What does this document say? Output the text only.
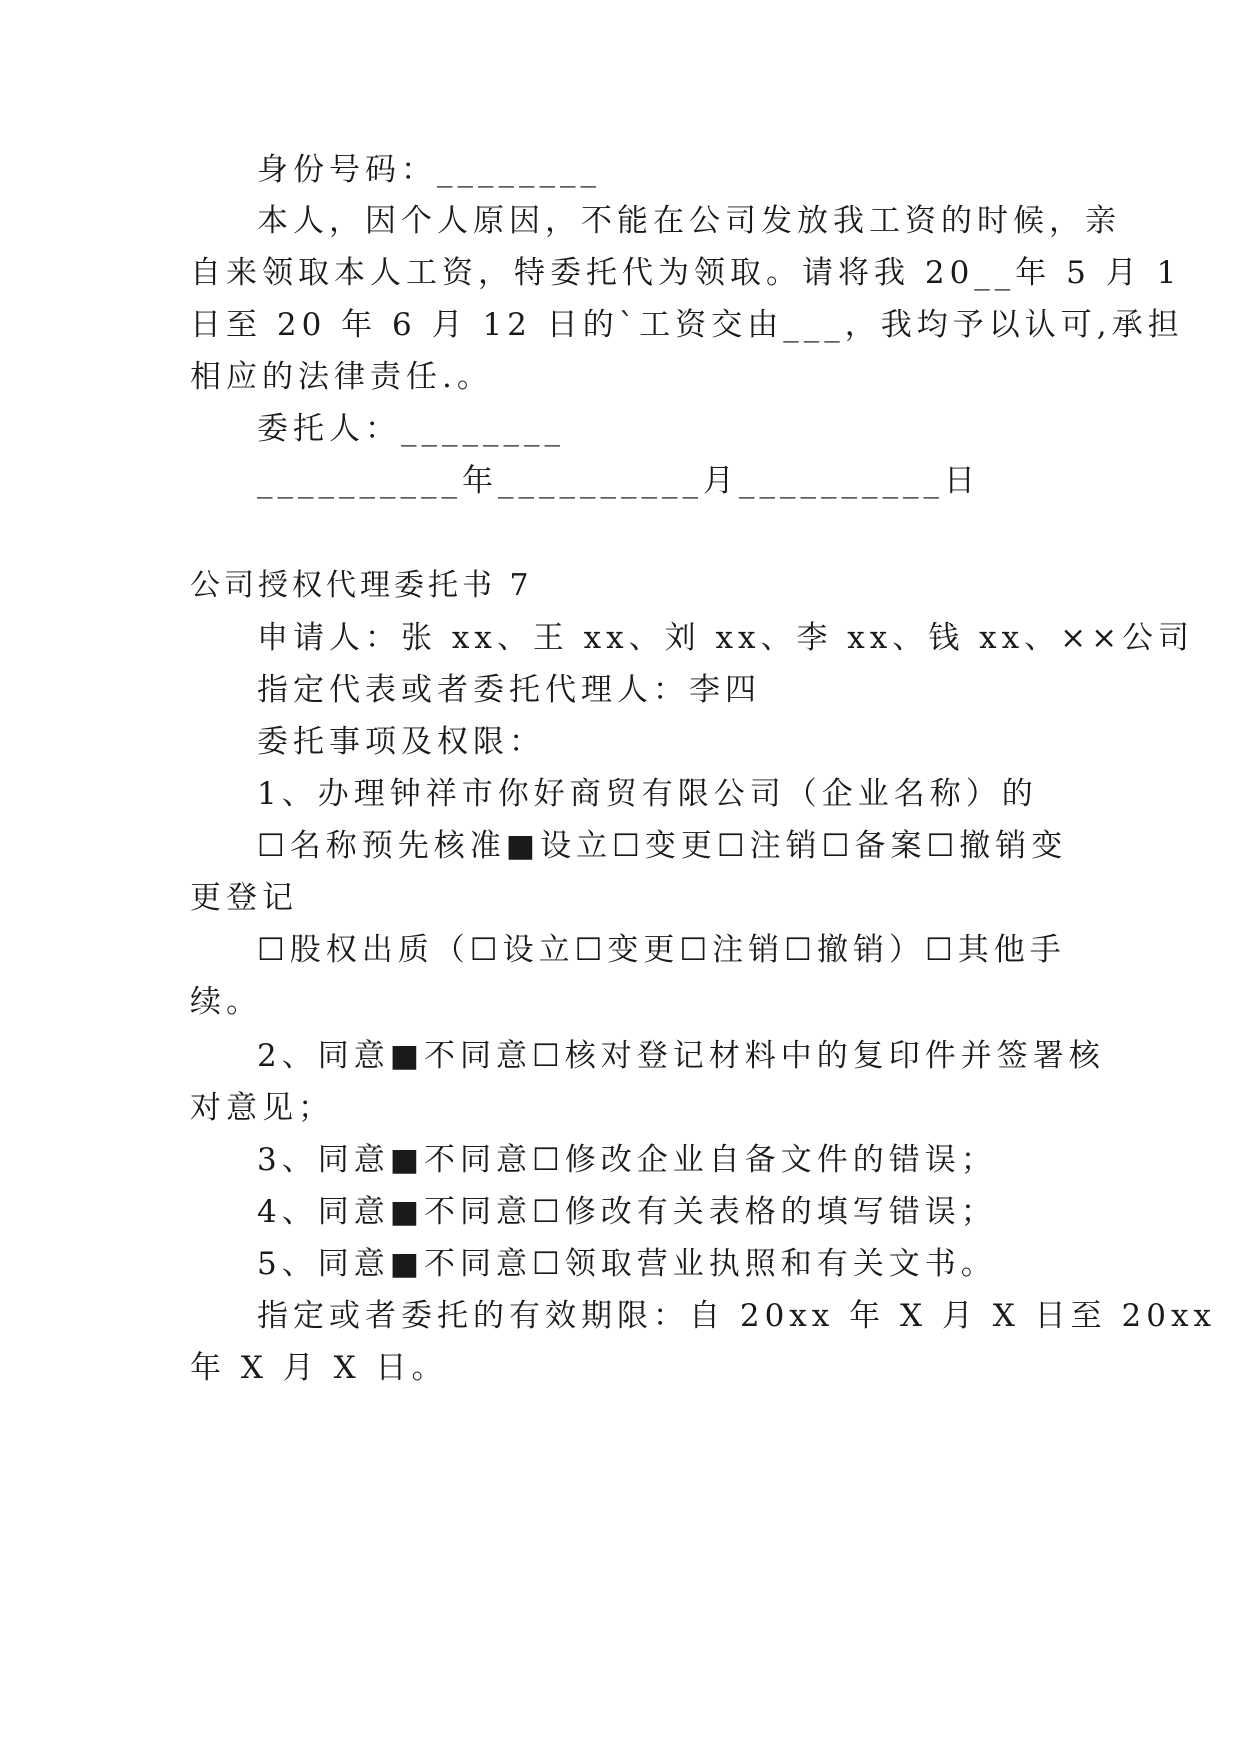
身份号码：________
本人，因个人原因，不能在公司发放我工资的时候，亲
自来领取本人工资，特委托代为领取。请将我 20__年 5 月 1
日至 20 年 6 月 12 日的`工资交由___，我均予以认可,承担
相应的法律责任.。
委托人：________
__________年__________月__________日
公司授权代理委托书 7
申请人：张 xx、王 xx、刘 xx、李 xx、钱 xx、××公司
指定代表或者委托代理人：李四
委托事项及权限：
1、办理钟祥市你好商贸有限公司（企业名称）的
☐名称预先核准■设立☐变更☐注销☐备案☐撤销变
更登记
☐股权出质（☐设立☐变更☐注销☐撤销）☐其他手
续。
2、同意■不同意☐核对登记材料中的复印件并签署核
对意见；
3、同意■不同意☐修改企业自备文件的错误；
4、同意■不同意☐修改有关表格的填写错误；
5、同意■不同意☐领取营业执照和有关文书。
指定或者委托的有效期限：自 20xx 年 X 月 X 日至 20xx
年 X 月 X 日。
